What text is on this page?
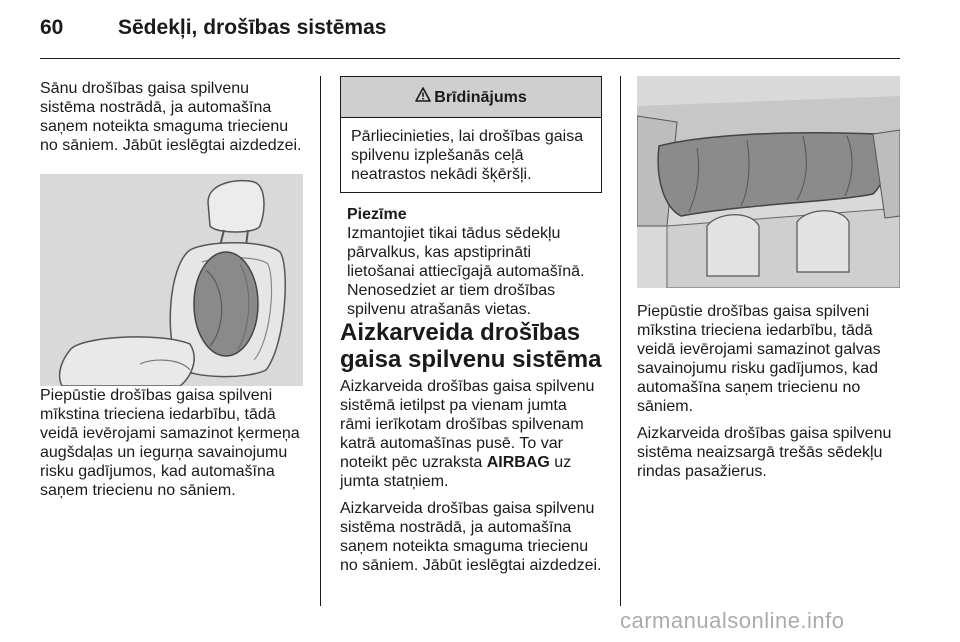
60	Sēdekļi, drošības sistēmas

Sānu drošības gaisa spilvenu sistēma nostrādā, ja automašīna saņem noteikta smaguma triecienu no sāniem. Jābūt ieslēgtai aizdedzei.

Piepūstie drošības gaisa spilveni mīkstina trieciena iedarbību, tādā veidā ievērojami samazinot ķermeņa augšdaļas un iegurņa savainojumu risku gadījumos, kad automašīna saņem triecienu no sāniem.

Brīdinājums
Pārliecinieties, lai drošības gaisa spilvenu izplešanās ceļā neatrastos nekādi šķēršļi.

Piezīme

Izmantojiet tikai tādus sēdekļu pārvalkus, kas apstiprināti lietošanai attiecīgajā automašīnā.

Nenosedziet ar tiem drošības spilvenu atrašanās vietas.

Aizkarveida drošības gaisa spilvenu sistēma

Aizkarveida drošības gaisa spilvenu sistēmā ietilpst pa vienam jumta rāmi ierīkotam drošības spilvenam katrā automašīnas pusē. To var noteikt pēc uzraksta AIRBAG uz jumta statņiem.

Aizkarveida drošības gaisa spilvenu sistēma nostrādā, ja automašīna saņem noteikta smaguma triecienu no sāniem. Jābūt ieslēgtai aizdedzei.

Piepūstie drošības gaisa spilveni mīkstina trieciena iedarbību, tādā veidā ievērojami samazinot galvas savainojumu risku gadījumos, kad automašīna saņem triecienu no sāniem.

Aizkarveida drošības gaisa spilvenu sistēma neaizsargā trešās sēdekļu rindas pasažierus.

carmanualsonline.info
